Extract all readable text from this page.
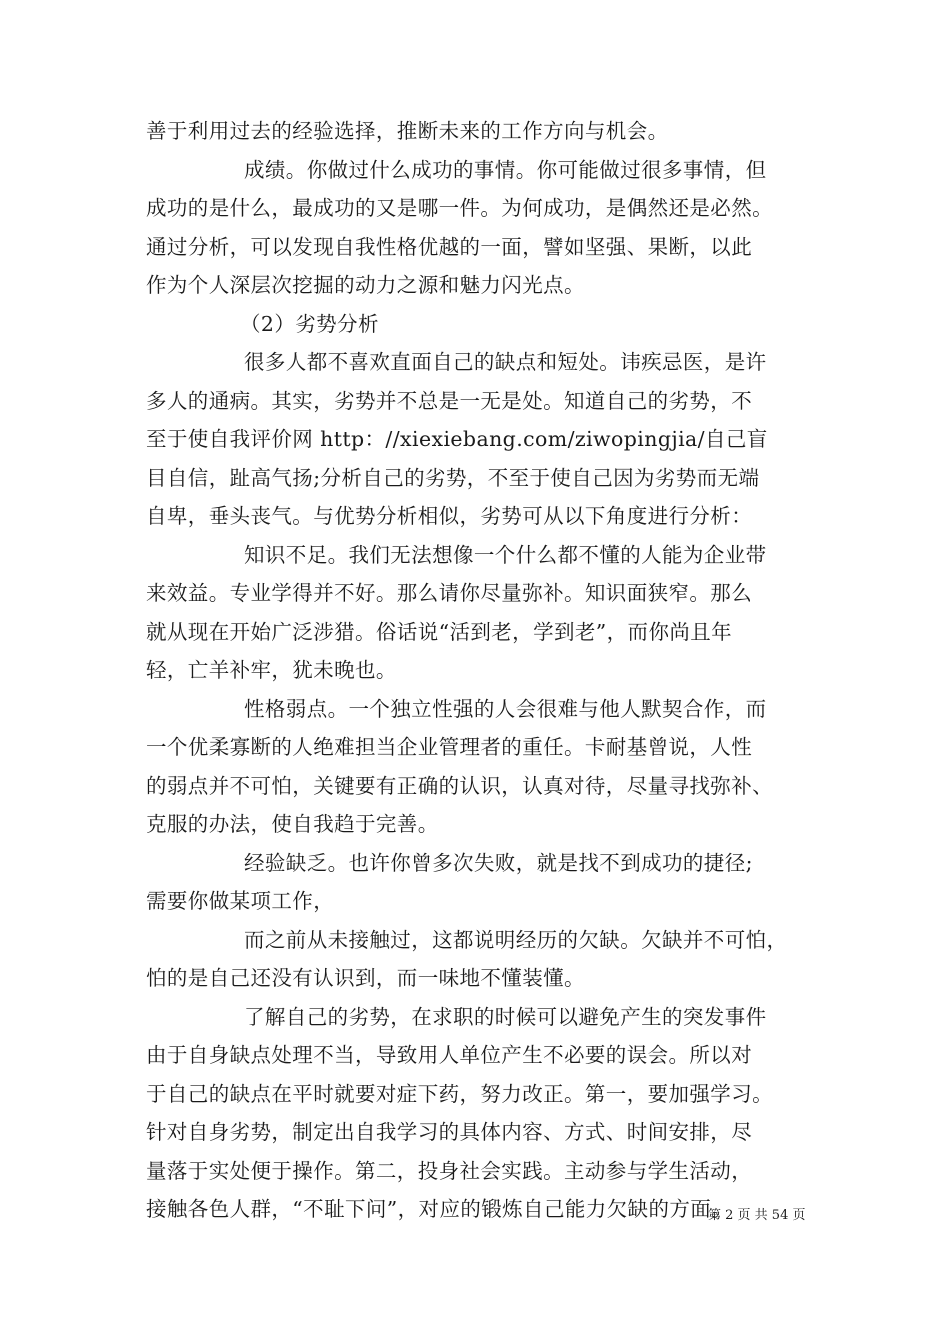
善于利用过去的经验选择，推断未来的工作方向与机会。
成绩。你做过什么成功的事情。你可能做过很多事情，但
成功的是什么，最成功的又是哪一件。为何成功，是偶然还是必然。
通过分析，可以发现自我性格优越的一面，譬如坚强、果断，以此
作为个人深层次挖掘的动力之源和魅力闪光点。
（2）劣势分析
很多人都不喜欢直面自己的缺点和短处。讳疾忌医，是许
多人的通病。其实，劣势并不总是一无是处。知道自己的劣势，不
至于使自我评价网 http：//xiexiebang.com/ziwopingjia/自己盲
目自信，趾高气扬;分析自己的劣势，不至于使自己因为劣势而无端
自卑，垂头丧气。与优势分析相似，劣势可从以下角度进行分析：
知识不足。我们无法想像一个什么都不懂的人能为企业带
来效益。专业学得并不好。那么请你尽量弥补。知识面狭窄。那么
就从现在开始广泛涉猎。俗话说“活到老，学到老”，而你尚且年
轻，亡羊补牢，犹未晚也。
性格弱点。一个独立性强的人会很难与他人默契合作，而
一个优柔寡断的人绝难担当企业管理者的重任。卡耐基曾说，人性
的弱点并不可怕，关键要有正确的认识，认真对待，尽量寻找弥补、
克服的办法，使自我趋于完善。
经验缺乏。也许你曾多次失败，就是找不到成功的捷径;
需要你做某项工作，
而之前从未接触过，这都说明经历的欠缺。欠缺并不可怕，
怕的是自己还没有认识到，而一味地不懂装懂。
了解自己的劣势，在求职的时候可以避免产生的突发事件
由于自身缺点处理不当，导致用人单位产生不必要的误会。所以对
于自己的缺点在平时就要对症下药，努力改正。第一，要加强学习。
针对自身劣势，制定出自我学习的具体内容、方式、时间安排，尽
量落于实处便于操作。第二，投身社会实践。主动参与学生活动，
接触各色人群，“不耻下问”，对应的锻炼自己能力欠缺的方面。
第 2 页 共 54 页
